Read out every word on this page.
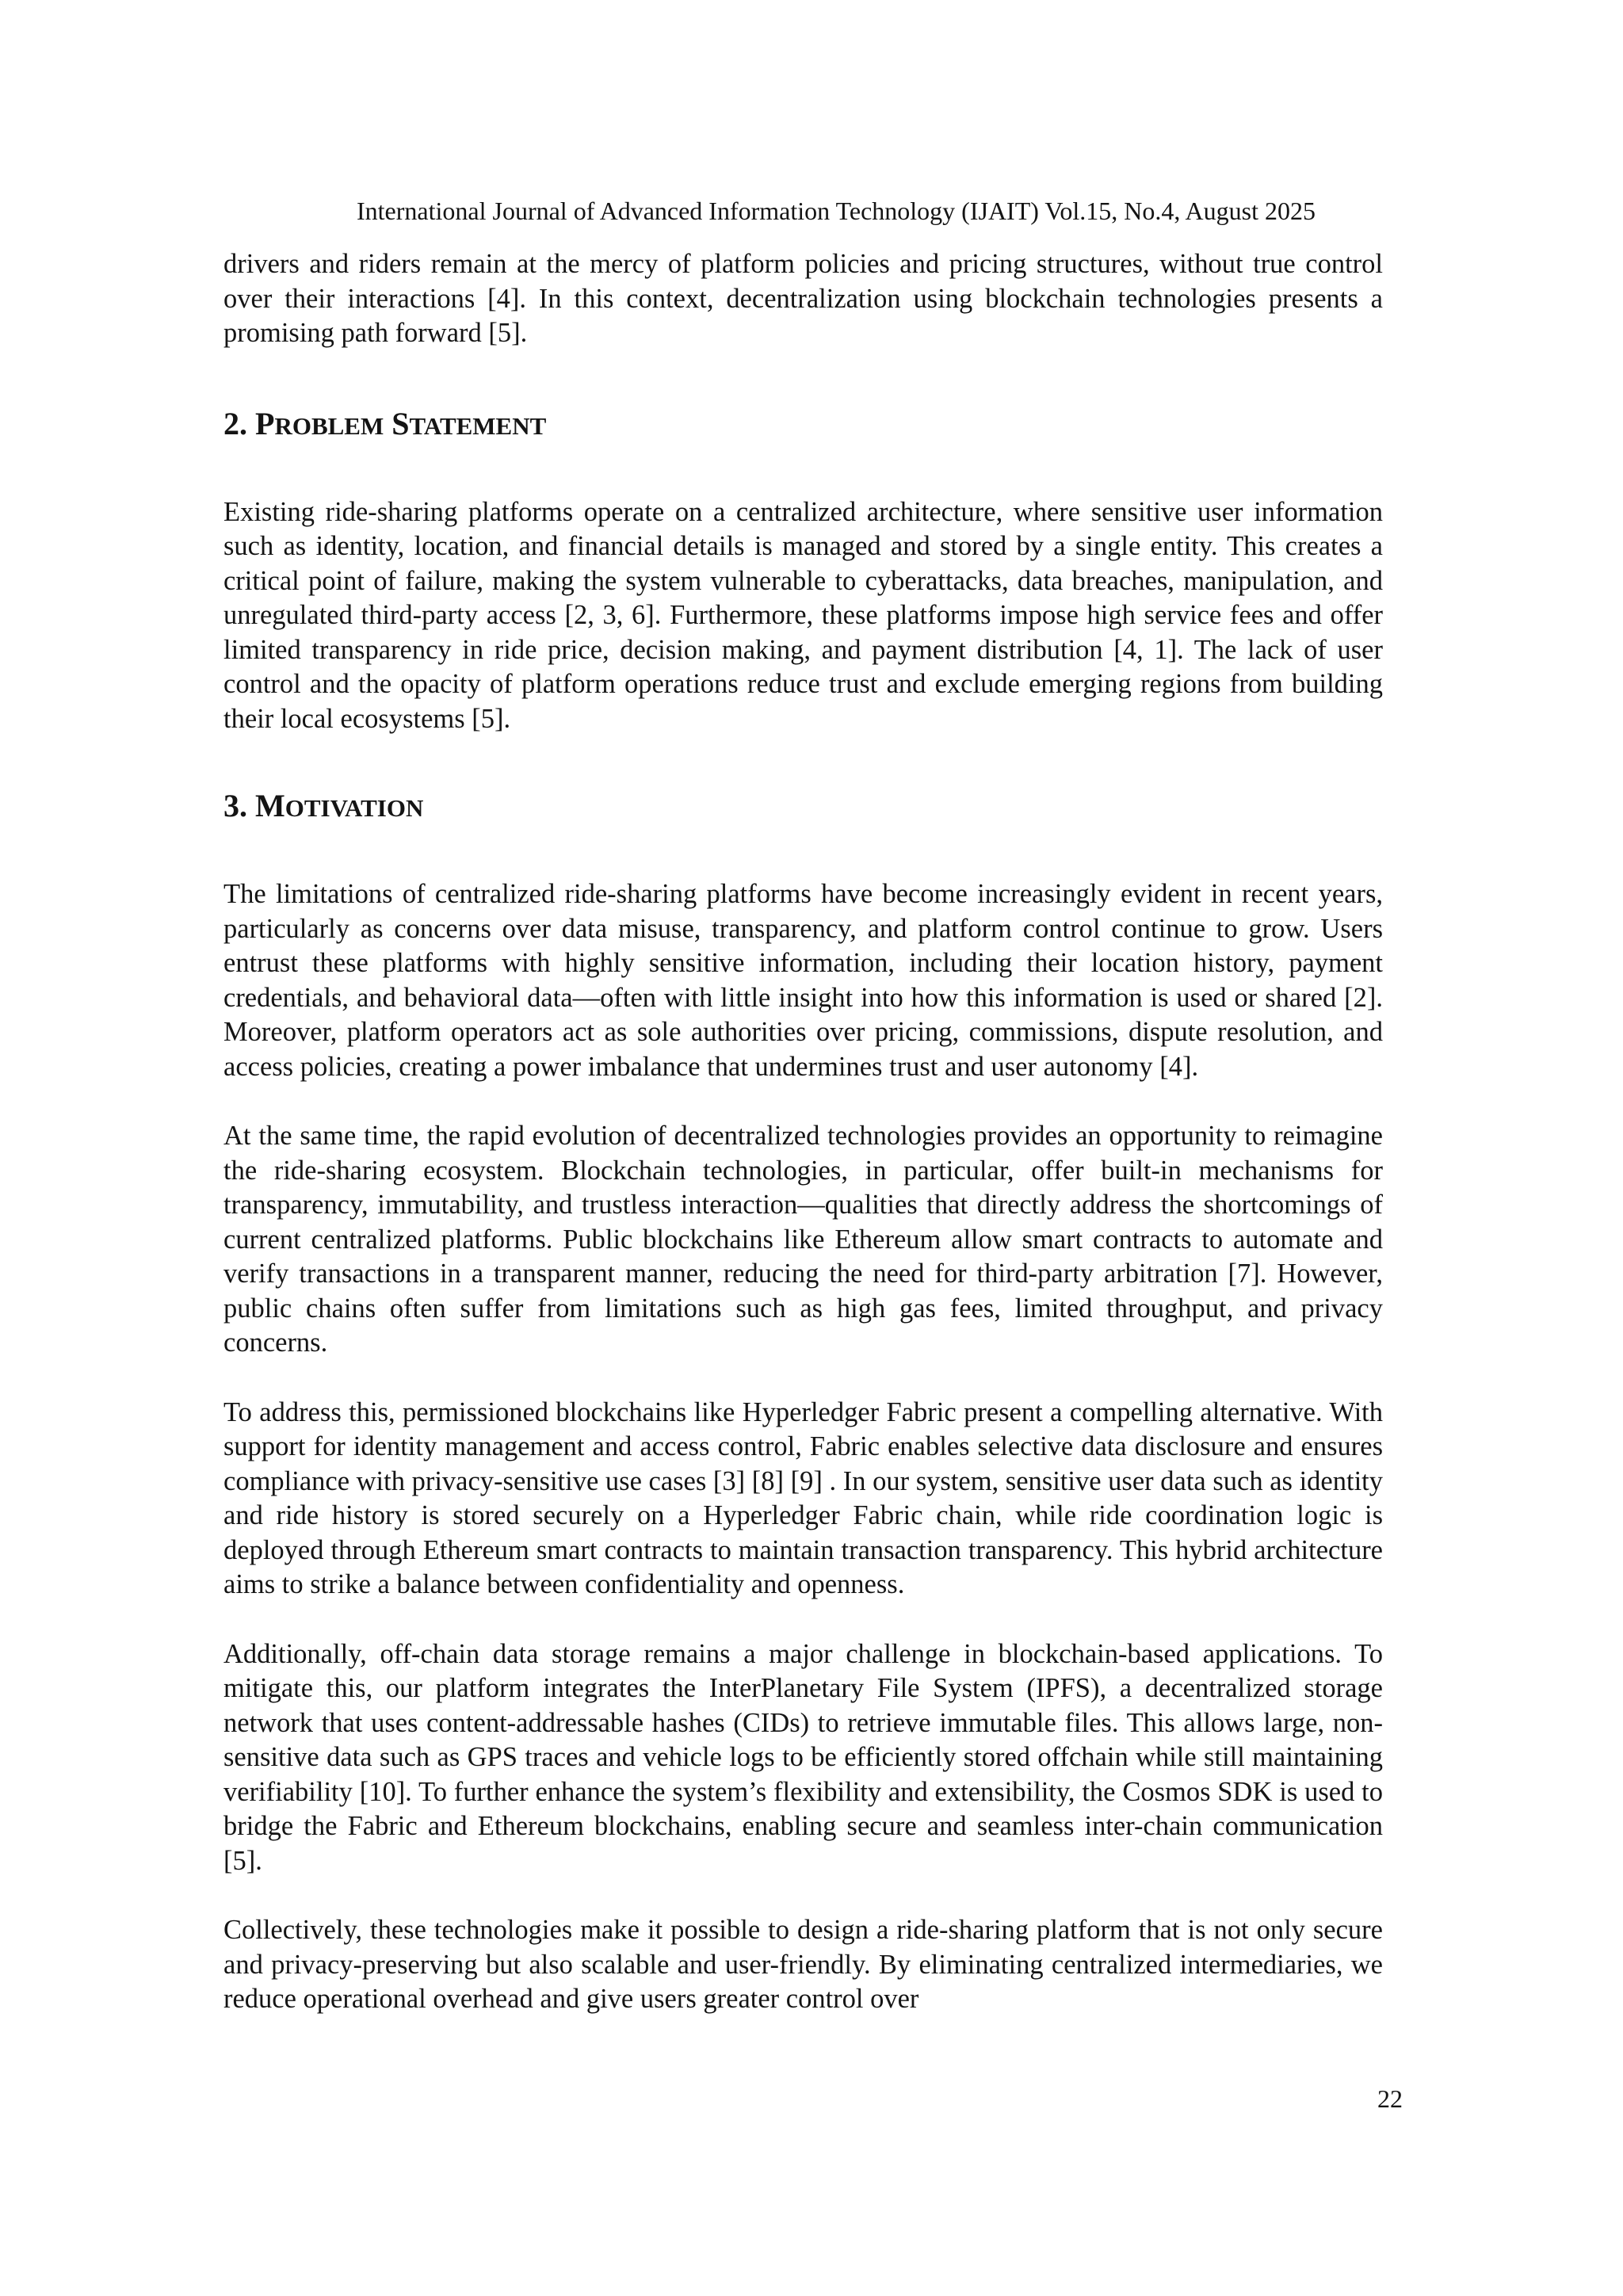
International Journal of Advanced Information Technology (IJAIT) Vol.15, No.4, August 2025

drivers and riders remain at the mercy of platform policies and pricing structures, without true control over their interactions [4]. In this context, decentralization using blockchain technologies presents a promising path forward [5].

2. PROBLEM STATEMENT

Existing ride-sharing platforms operate on a centralized architecture, where sensitive user information such as identity, location, and financial details is managed and stored by a single entity. This creates a critical point of failure, making the system vulnerable to cyberattacks, data breaches, manipulation, and unregulated third-party access [2, 3, 6]. Furthermore, these platforms impose high service fees and offer limited transparency in ride price, decision making, and payment distribution [4, 1]. The lack of user control and the opacity of platform operations reduce trust and exclude emerging regions from building their local ecosystems [5].

3. MOTIVATION

The limitations of centralized ride-sharing platforms have become increasingly evident in recent years, particularly as concerns over data misuse, transparency, and platform control continue to grow. Users entrust these platforms with highly sensitive information, including their location history, payment credentials, and behavioral data—often with little insight into how this information is used or shared [2]. Moreover, platform operators act as sole authorities over pricing, commissions, dispute resolution, and access policies, creating a power imbalance that undermines trust and user autonomy [4].

At the same time, the rapid evolution of decentralized technologies provides an opportunity to reimagine the ride-sharing ecosystem. Blockchain technologies, in particular, offer built-in mechanisms for transparency, immutability, and trustless interaction—qualities that directly address the shortcomings of current centralized platforms. Public blockchains like Ethereum allow smart contracts to automate and verify transactions in a transparent manner, reducing the need for third-party arbitration [7]. However, public chains often suffer from limitations such as high gas fees, limited throughput, and privacy concerns.

To address this, permissioned blockchains like Hyperledger Fabric present a compelling alternative. With support for identity management and access control, Fabric enables selective data disclosure and ensures compliance with privacy-sensitive use cases [3] [8] [9] . In our system, sensitive user data such as identity and ride history is stored securely on a Hyperledger Fabric chain, while ride coordination logic is deployed through Ethereum smart contracts to maintain transaction transparency. This hybrid architecture aims to strike a balance between confidentiality and openness.

Additionally, off-chain data storage remains a major challenge in blockchain-based applications. To mitigate this, our platform integrates the InterPlanetary File System (IPFS), a decentralized storage network that uses content-addressable hashes (CIDs) to retrieve immutable files. This allows large, non-sensitive data such as GPS traces and vehicle logs to be efficiently stored offchain while still maintaining verifiability [10]. To further enhance the system’s flexibility and extensibility, the Cosmos SDK is used to bridge the Fabric and Ethereum blockchains, enabling secure and seamless inter-chain communication [5].

Collectively, these technologies make it possible to design a ride-sharing platform that is not only secure and privacy-preserving but also scalable and user-friendly. By eliminating centralized intermediaries, we reduce operational overhead and give users greater control over

22
